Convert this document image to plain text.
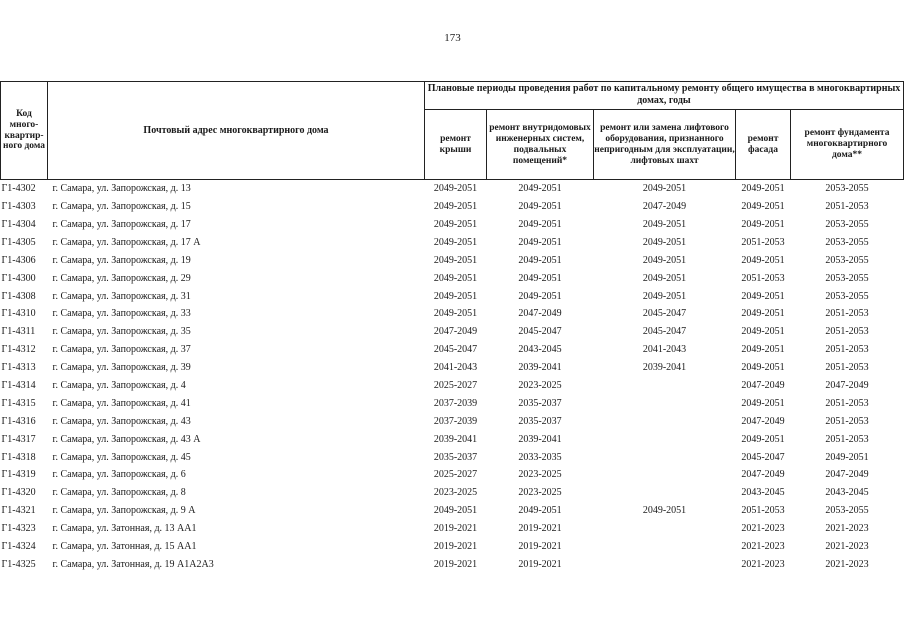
173
Код много-квартир-ного дома	Почтовый адрес многоквартирного дома	Плановые периоды проведения работ по капитальному ремонту общего имущества в многоквартирных домах, годы				
		ремонт крыши	ремонт внутридомовых инженерных систем, подвальных помещений*	ремонт или замена лифтового оборудования, признанного непригодным для эксплуатации, лифтовых шахт	ремонт фасада	ремонт фундамента многоквартирного дома**
Г1-4302	г. Самара, ул. Запорожская, д. 13	2049-2051	2049-2051	2049-2051	2049-2051	2053-2055
Г1-4303	г. Самара, ул. Запорожская, д. 15	2049-2051	2049-2051	2047-2049	2049-2051	2051-2053
Г1-4304	г. Самара, ул. Запорожская, д. 17	2049-2051	2049-2051	2049-2051	2049-2051	2053-2055
Г1-4305	г. Самара, ул. Запорожская, д. 17 А	2049-2051	2049-2051	2049-2051	2051-2053	2053-2055
Г1-4306	г. Самара, ул. Запорожская, д. 19	2049-2051	2049-2051	2049-2051	2049-2051	2053-2055
Г1-4300	г. Самара, ул. Запорожская, д. 29	2049-2051	2049-2051	2049-2051	2051-2053	2053-2055
Г1-4308	г. Самара, ул. Запорожская, д. 31	2049-2051	2049-2051	2049-2051	2049-2051	2053-2055
Г1-4310	г. Самара, ул. Запорожская, д. 33	2049-2051	2047-2049	2045-2047	2049-2051	2051-2053
Г1-4311	г. Самара, ул. Запорожская, д. 35	2047-2049	2045-2047	2045-2047	2049-2051	2051-2053
Г1-4312	г. Самара, ул. Запорожская, д. 37	2045-2047	2043-2045	2041-2043	2049-2051	2051-2053
Г1-4313	г. Самара, ул. Запорожская, д. 39	2041-2043	2039-2041	2039-2041	2049-2051	2051-2053
Г1-4314	г. Самара, ул. Запорожская, д. 4	2025-2027	2023-2025		2047-2049	2047-2049
Г1-4315	г. Самара, ул. Запорожская, д. 41	2037-2039	2035-2037		2049-2051	2051-2053
Г1-4316	г. Самара, ул. Запорожская, д. 43	2037-2039	2035-2037		2047-2049	2051-2053
Г1-4317	г. Самара, ул. Запорожская, д. 43 А	2039-2041	2039-2041		2049-2051	2051-2053
Г1-4318	г. Самара, ул. Запорожская, д. 45	2035-2037	2033-2035		2045-2047	2049-2051
Г1-4319	г. Самара, ул. Запорожская, д. 6	2025-2027	2023-2025		2047-2049	2047-2049
Г1-4320	г. Самара, ул. Запорожская, д. 8	2023-2025	2023-2025		2043-2045	2043-2045
Г1-4321	г. Самара, ул. Запорожская, д. 9 А	2049-2051	2049-2051	2049-2051	2051-2053	2053-2055
Г1-4323	г. Самара, ул. Затонная, д. 13 АА1	2019-2021	2019-2021		2021-2023	2021-2023
Г1-4324	г. Самара, ул. Затонная, д. 15 АА1	2019-2021	2019-2021		2021-2023	2021-2023
Г1-4325	г. Самара, ул. Затонная, д. 19 А1А2А3	2019-2021	2019-2021		2021-2023	2021-2023
